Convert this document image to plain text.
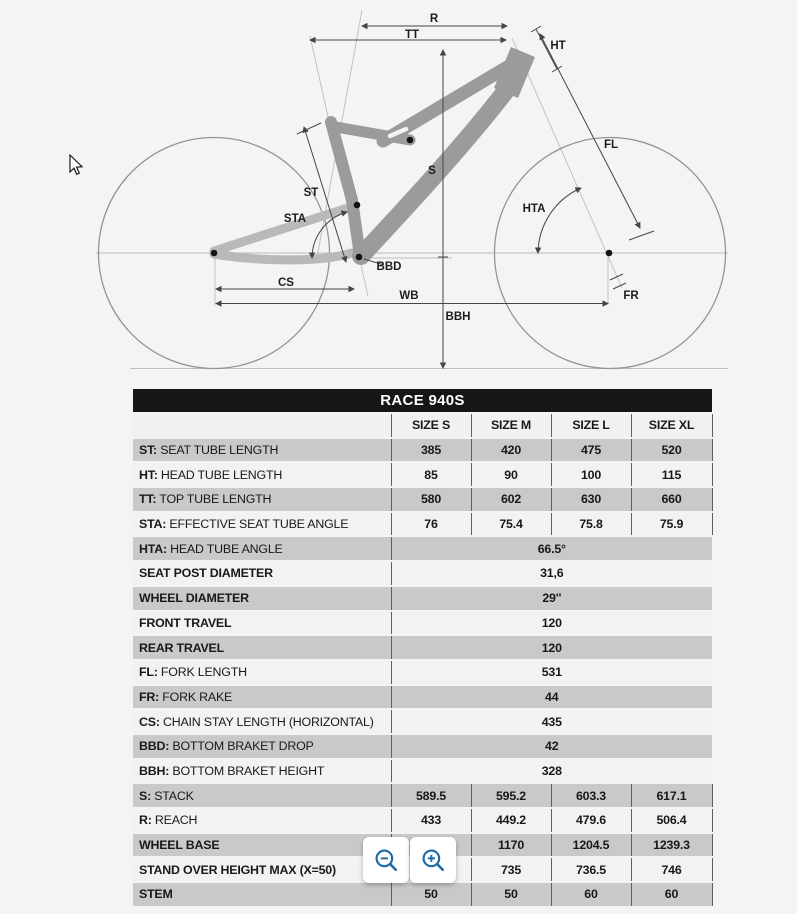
R
TT
HT
FL
S
ST
STA
HTA
BBD
CS
WB
BBH
FR
RACE 940S
	SIZE S	SIZE M	SIZE L	SIZE XL
ST: SEAT TUBE LENGTH	385	420	475	520
HT: HEAD TUBE LENGTH	85	90	100	115
TT: TOP TUBE LENGTH	580	602	630	660
STA: EFFECTIVE SEAT TUBE ANGLE	76	75.4	75.8	75.9
HTA: HEAD TUBE ANGLE	66.5°			
SEAT POST DIAMETER	31,6			
WHEEL DIAMETER	29''			
FRONT TRAVEL	120			
REAR TRAVEL	120			
FL: FORK LENGTH	531			
FR: FORK RAKE	44			
CS: CHAIN STAY LENGTH (HORIZONTAL)	435			
BBD: BOTTOM BRAKET DROP	42			
BBH: BOTTOM BRAKET HEIGHT	328			
S: STACK	589.5	595.2	603.3	617.1
R: REACH	433	449.2	479.6	506.4
WHEEL BASE		1170	1204.5	1239.3
STAND OVER HEIGHT MAX (X=50)		735	736.5	746
STEM	50	50	60	60
